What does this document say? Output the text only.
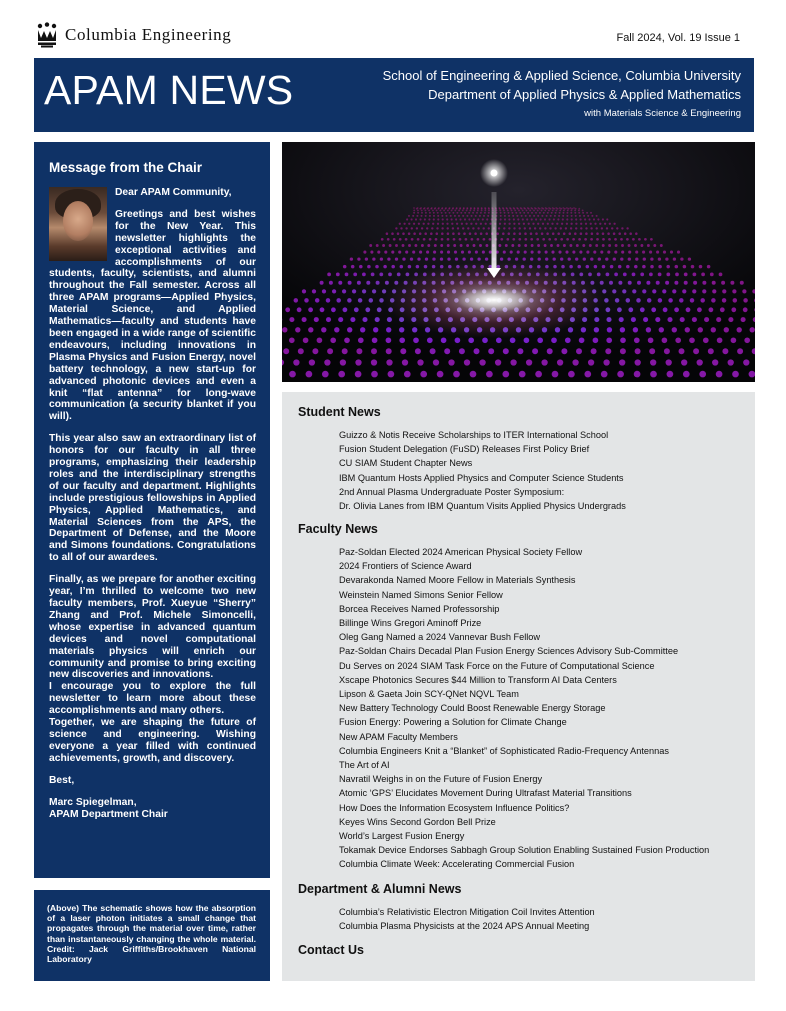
Columbia Engineering	Fall 2024, Vol. 19 Issue 1
APAM NEWS	School of Engineering & Applied Science, Columbia University
Department of Applied Physics & Applied Mathematics
with Materials Science & Engineering
Message from the Chair

Dear APAM Community,

Greetings and best wishes for the New Year. This newsletter highlights the exceptional activities and accomplishments of our students, faculty, scientists, and alumni throughout the Fall semester. Across all three APAM programs—Applied Physics, Material Science, and Applied Mathematics—faculty and students have been engaged in a wide range of scientific endeavours, including innovations in Plasma Physics and Fusion Energy, novel battery technology, a new start-up for advanced photonic devices and even a knit “flat antenna” for long-wave communication (a security blanket if you will).

This year also saw an extraordinary list of honors for our faculty in all three programs, emphasizing their leadership roles and the interdisciplinary strengths of our faculty and department. Highlights include prestigious fellowships in Applied Physics, Applied Mathematics, and Material Sciences from the APS, the Department of Defense, and the Moore and Simons foundations. Congratulations to all of our awardees.

Finally, as we prepare for another exciting year, I’m thrilled to welcome two new faculty members, Prof. Xueyue “Sherry” Zhang and Prof. Michele Simoncelli, whose expertise in advanced quantum devices and novel computational materials physics will enrich our community and promise to bring exciting new discoveries and innovations.

I encourage you to explore the full newsletter to learn more about these accomplishments and many others.

Together, we are shaping the future of science and engineering. Wishing everyone a year filled with continued achievements, growth, and discovery.

Best,

Marc Spiegelman,
APAM Department Chair

(Above) The schematic shows how the absorption of a laser photon initiates a small change that propagates through the material over time, rather than instantaneously changing the whole material. Credit: Jack Griffiths/Brookhaven National Laboratory
Student News
Guizzo & Notis Receive Scholarships to ITER International School
Fusion Student Delegation (FuSD) Releases First Policy Brief
CU SIAM Student Chapter News
IBM Quantum Hosts Applied Physics and Computer Science Students
2nd Annual Plasma Undergraduate Poster Symposium:
Dr. Olivia Lanes from IBM Quantum Visits Applied Physics Undergrads
Faculty News
Paz-Soldan Elected 2024 American Physical Society Fellow
2024 Frontiers of Science Award
Devarakonda Named Moore Fellow in Materials Synthesis
Weinstein Named Simons Senior Fellow
Borcea Receives Named Professorship
Billinge Wins Gregori Aminoff Prize
Oleg Gang Named a 2024 Vannevar Bush Fellow
Paz-Soldan Chairs Decadal Plan Fusion Energy Sciences Advisory Sub-Committee
Du Serves on 2024 SIAM Task Force on the Future of Computational Science
Xscape Photonics Secures $44 Million to Transform AI Data Centers
Lipson & Gaeta Join SCY-QNet NQVL Team
New Battery Technology Could Boost Renewable Energy Storage
Fusion Energy: Powering a Solution for Climate Change
New APAM Faculty Members
Columbia Engineers Knit a “Blanket” of Sophisticated Radio-Frequency Antennas
The Art of AI
Navratil Weighs in on the Future of Fusion Energy
Atomic ‘GPS’ Elucidates Movement During Ultrafast Material Transitions
How Does the Information Ecosystem Influence Politics?
Keyes Wins Second Gordon Bell Prize
World’s Largest Fusion Energy
Tokamak Device Endorses Sabbagh Group Solution Enabling Sustained Fusion Production
Columbia Climate Week: Accelerating Commercial Fusion
Department & Alumni News
Columbia’s Relativistic Electron Mitigation Coil Invites Attention
Columbia Plasma Physicists at the 2024 APS Annual Meeting
Contact Us
